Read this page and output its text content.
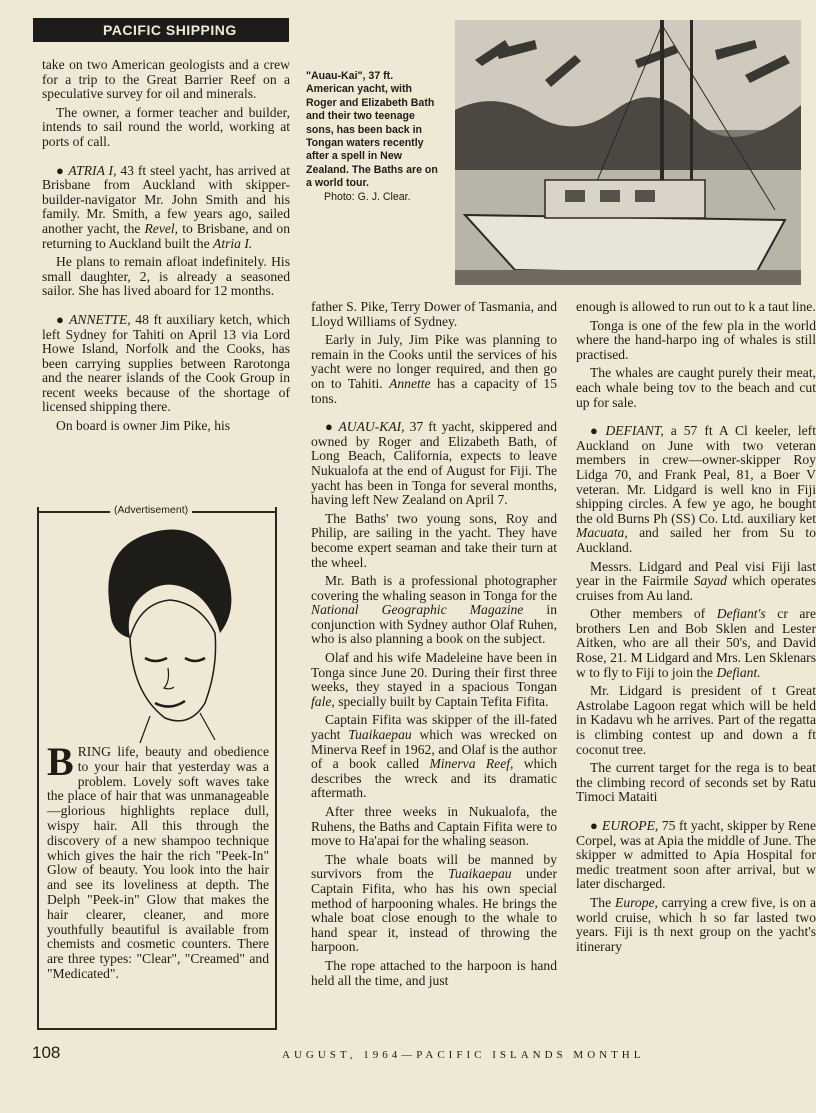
PACIFIC SHIPPING
"Auau-Kai", 37 ft. American yacht, with Roger and Elizabeth Bath and their two teenage sons, has been back in Tongan waters recently after a spell in New Zealand. The Baths are on a world tour.
Photo: G. J. Clear.

take on two American geologists and a crew for a trip to the Great Barrier Reef on a speculative survey for oil and minerals.

The owner, a former teacher and builder, intends to sail round the world, working at ports of call.

● ATRIA I, 43 ft steel yacht, has arrived at Brisbane from Auckland with skipper-builder-navigator Mr. John Smith and his family. Mr. Smith, a few years ago, sailed another yacht, the Revel, to Brisbane, and on returning to Auckland built the Atria I.

He plans to remain afloat indefinitely. His small daughter, 2, is already a seasoned sailor. She has lived aboard for 12 months.

● ANNETTE, 48 ft auxiliary ketch, which left Sydney for Tahiti on April 13 via Lord Howe Island, Norfolk and the Cooks, has been carrying supplies between Rarotonga and the nearer islands of the Cook Group in recent weeks because of the shortage of licensed shipping there.

On board is owner Jim Pike, his

(Advertisement)
BRING life, beauty and obedience to your hair that yesterday was a problem. Lovely soft waves take the place of hair that was unmanageable—glorious highlights replace dull, wispy hair. All this through the discovery of a new shampoo technique which gives the hair the rich "Peek-In" Glow of beauty. You look into the hair and see its loveliness at depth. The Delph "Peek-in" Glow that makes the hair clearer, cleaner, and more youthfully beautiful is available from chemists and cosmetic counters. There are three types: "Clear", "Creamed" and "Medicated".

father S. Pike, Terry Dower of Tasmania, and Lloyd Williams of Sydney.

Early in July, Jim Pike was planning to remain in the Cooks until the services of his yacht were no longer required, and then go on to Tahiti. Annette has a capacity of 15 tons.

● AUAU-KAI, 37 ft yacht, skippered and owned by Roger and Elizabeth Bath, of Long Beach, California, expects to leave Nukualofa at the end of August for Fiji. The yacht has been in Tonga for several months, having left New Zealand on April 7.

The Baths' two young sons, Roy and Philip, are sailing in the yacht. They have become expert seaman and take their turn at the wheel.

Mr. Bath is a professional photographer covering the whaling season in Tonga for the National Geographic Magazine in conjunction with Sydney author Olaf Ruhen, who is also planning a book on the subject.

Olaf and his wife Madeleine have been in Tonga since June 20. During their first three weeks, they stayed in a spacious Tongan fale, specially built by Captain Tefita Fifita.

Captain Fifita was skipper of the ill-fated yacht Tuaikaepau which was wrecked on Minerva Reef in 1962, and Olaf is the author of a book called Minerva Reef, which describes the wreck and its dramatic aftermath.

After three weeks in Nukualofa, the Ruhens, the Baths and Captain Fifita were to move to Ha'apai for the whaling season.

The whale boats will be manned by survivors from the Tuaikaepau under Captain Fifita, who has his own special method of harpooning whales. He brings the whale boat close enough to the whale to hand spear it, instead of throwing the harpoon.

The rope attached to the harpoon is hand held all the time, and just

enough is allowed to run out to k a taut line.

Tonga is one of the few pla in the world where the hand-harpo ing of whales is still practised.

The whales are caught purely their meat, each whale being tov to the beach and cut up for sale.

● DEFIANT, a 57 ft A Cl keeler, left Auckland on June with two veteran members in crew—owner-skipper Roy Lidga 70, and Frank Peal, 81, a Boer V veteran. Mr. Lidgard is well kno in Fiji shipping circles. A few ye ago, he bought the old Burns Ph (SS) Co. Ltd. auxiliary ket Macuata, and sailed her from Su to Auckland.

Messrs. Lidgard and Peal visi Fiji last year in the Fairmile Sayad which operates cruises from Au land.

Other members of Defiant's cr are brothers Len and Bob Sklen and Lester Aitken, who are all their 50's, and David Rose, 21. M Lidgard and Mrs. Len Sklenars w to fly to Fiji to join the Defiant.

Mr. Lidgard is president of t Great Astrolabe Lagoon regat which will be held in Kadavu wh he arrives. Part of the regatta is climbing contest up and down a ft coconut tree.

The current target for the rega is to beat the climbing record of seconds set by Ratu Timoci Mataiti

● EUROPE, 75 ft yacht, skipper by Rene Corpel, was at Apia the middle of June. The skipper w admitted to Apia Hospital for medic treatment soon after arrival, but w later discharged.

The Europe, carrying a crew five, is on a world cruise, which h so far lasted two years. Fiji is th next group on the yacht's itinerary

108	AUGUST, 1964—PACIFIC ISLANDS MONTHL
